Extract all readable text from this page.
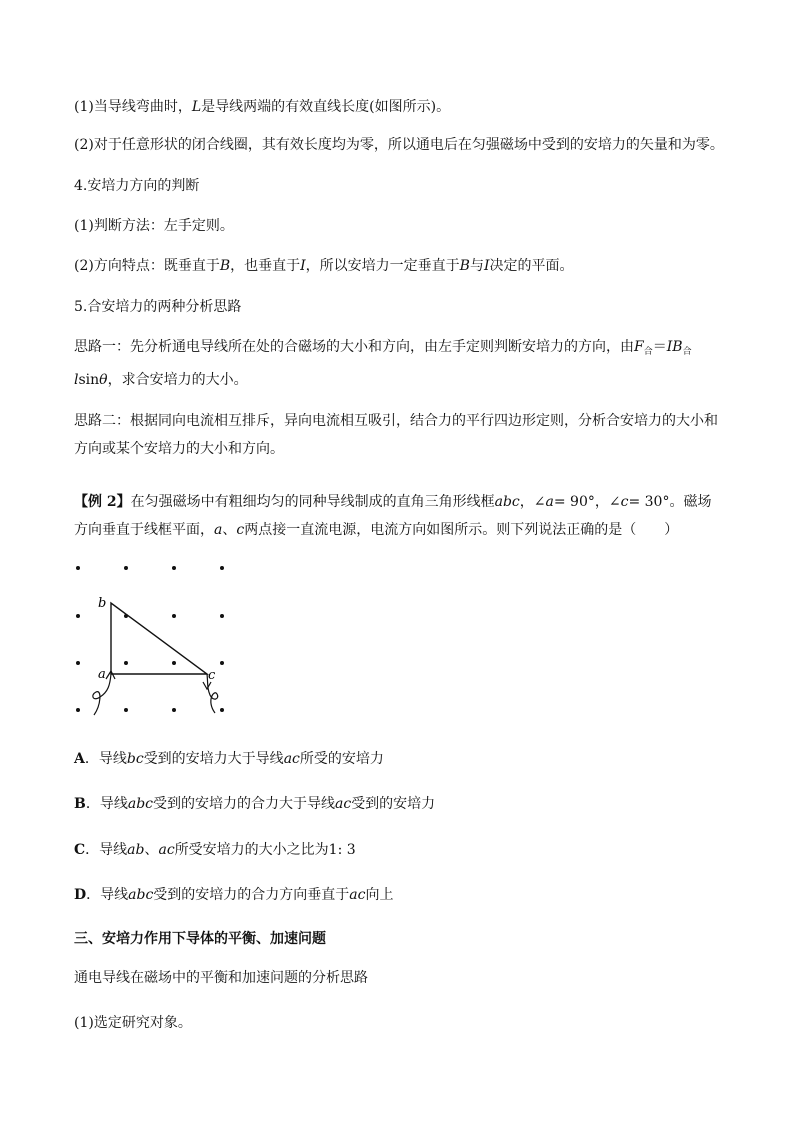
(1)当导线弯曲时，L是导线两端的有效直线长度(如图所示)。

(2)对于任意形状的闭合线圈，其有效长度均为零，所以通电后在匀强磁场中受到的安培力的矢量和为零。

4.安培力方向的判断

(1)判断方法：左手定则。

(2)方向特点：既垂直于B，也垂直于I，所以安培力一定垂直于B与I决定的平面。

5.合安培力的两种分析思路

思路一：先分析通电导线所在处的合磁场的大小和方向，由左手定则判断安培力的方向，由$F_合=IB_合lsin\theta$，求合安培力的大小。

思路二：根据同向电流相互排斥，异向电流相互吸引，结合力的平行四边形定则，分析合安培力的大小和方向或某个安培力的大小和方向。

【例 2】在匀强磁场中有粗细均匀的同种导线制成的直角三角形线框abc，∠a= 90°，∠c= 30°。磁场方向垂直于线框平面，a、c两点接一直流电源，电流方向如图所示。则下列说法正确的是（　　）

b
a	c

A．导线bc受到的安培力大于导线ac所受的安培力

B．导线abc受到的安培力的合力大于导线ac受到的安培力

C．导线ab、ac所受安培力的大小之比为1: 3

D．导线abc受到的安培力的合力方向垂直于ac向上

三、安培力作用下导体的平衡、加速问题

通电导线在磁场中的平衡和加速问题的分析思路

(1)选定研究对象。
